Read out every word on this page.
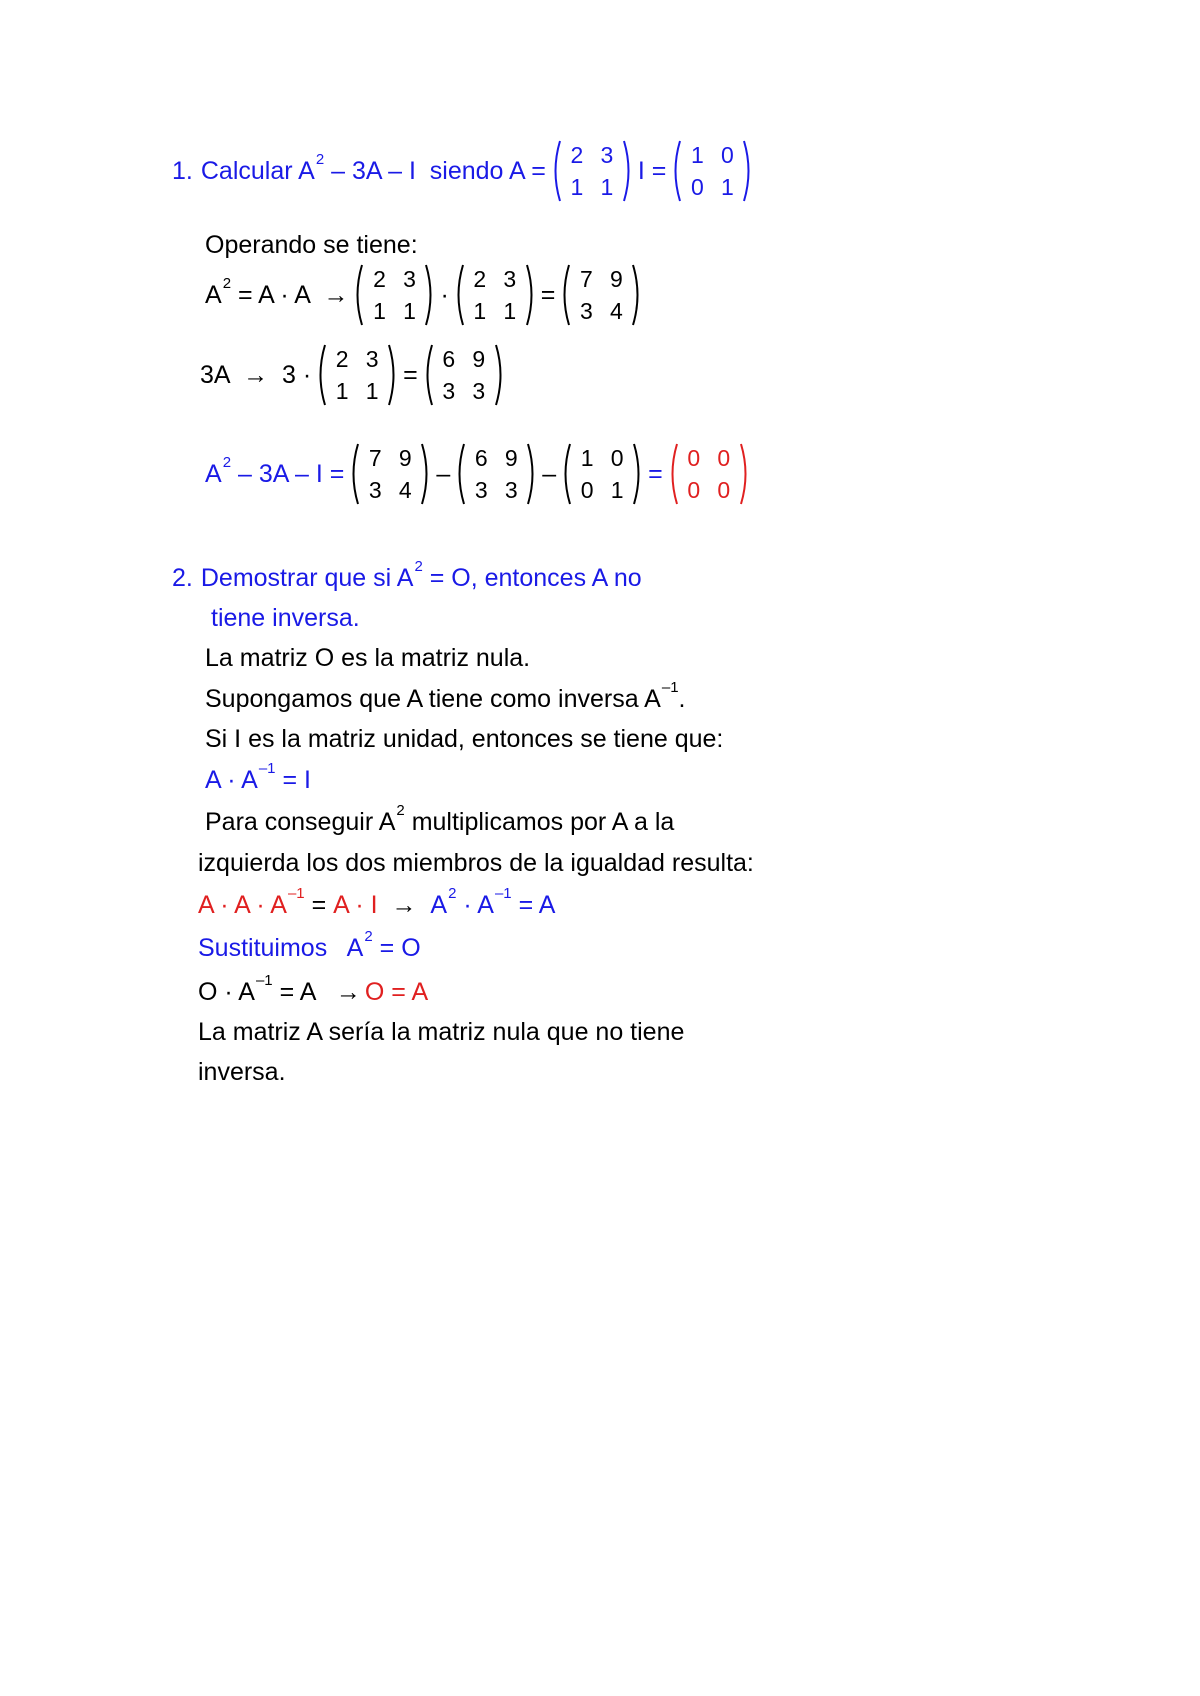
1. Calcular A 2 – 3A – I  siendo A =
2 3
1 1
I =
1 0
0 1
Operando se tiene:
A 2 = A · A  →
2 3
1 1
·
2 3
1 1
=
7 9
3 4
3A  →  3 ·
2 3
1 1
=
6 9
3 3
A 2 – 3A – I =
7 9
3 4
–
6 9
3 3
–
1 0
0 1
=
0 0
0 0
2. Demostrar que si A 2 = O, entonces A no
tiene inversa.
La matriz O es la matriz nula.
Supongamos que A tiene como inversa A –1 .
Si I es la matriz unidad, entonces se tiene que:
A · A –1 = I
Para conseguir A 2 multiplicamos por A a la
izquierda los dos miembros de la igualdad resulta:
A · A · A –1 = A · I → A 2 · A –1 = A
Sustituimos   A 2 = O
O · A –1 = A   → O = A
La matriz A sería la matriz nula que no tiene
inversa.
